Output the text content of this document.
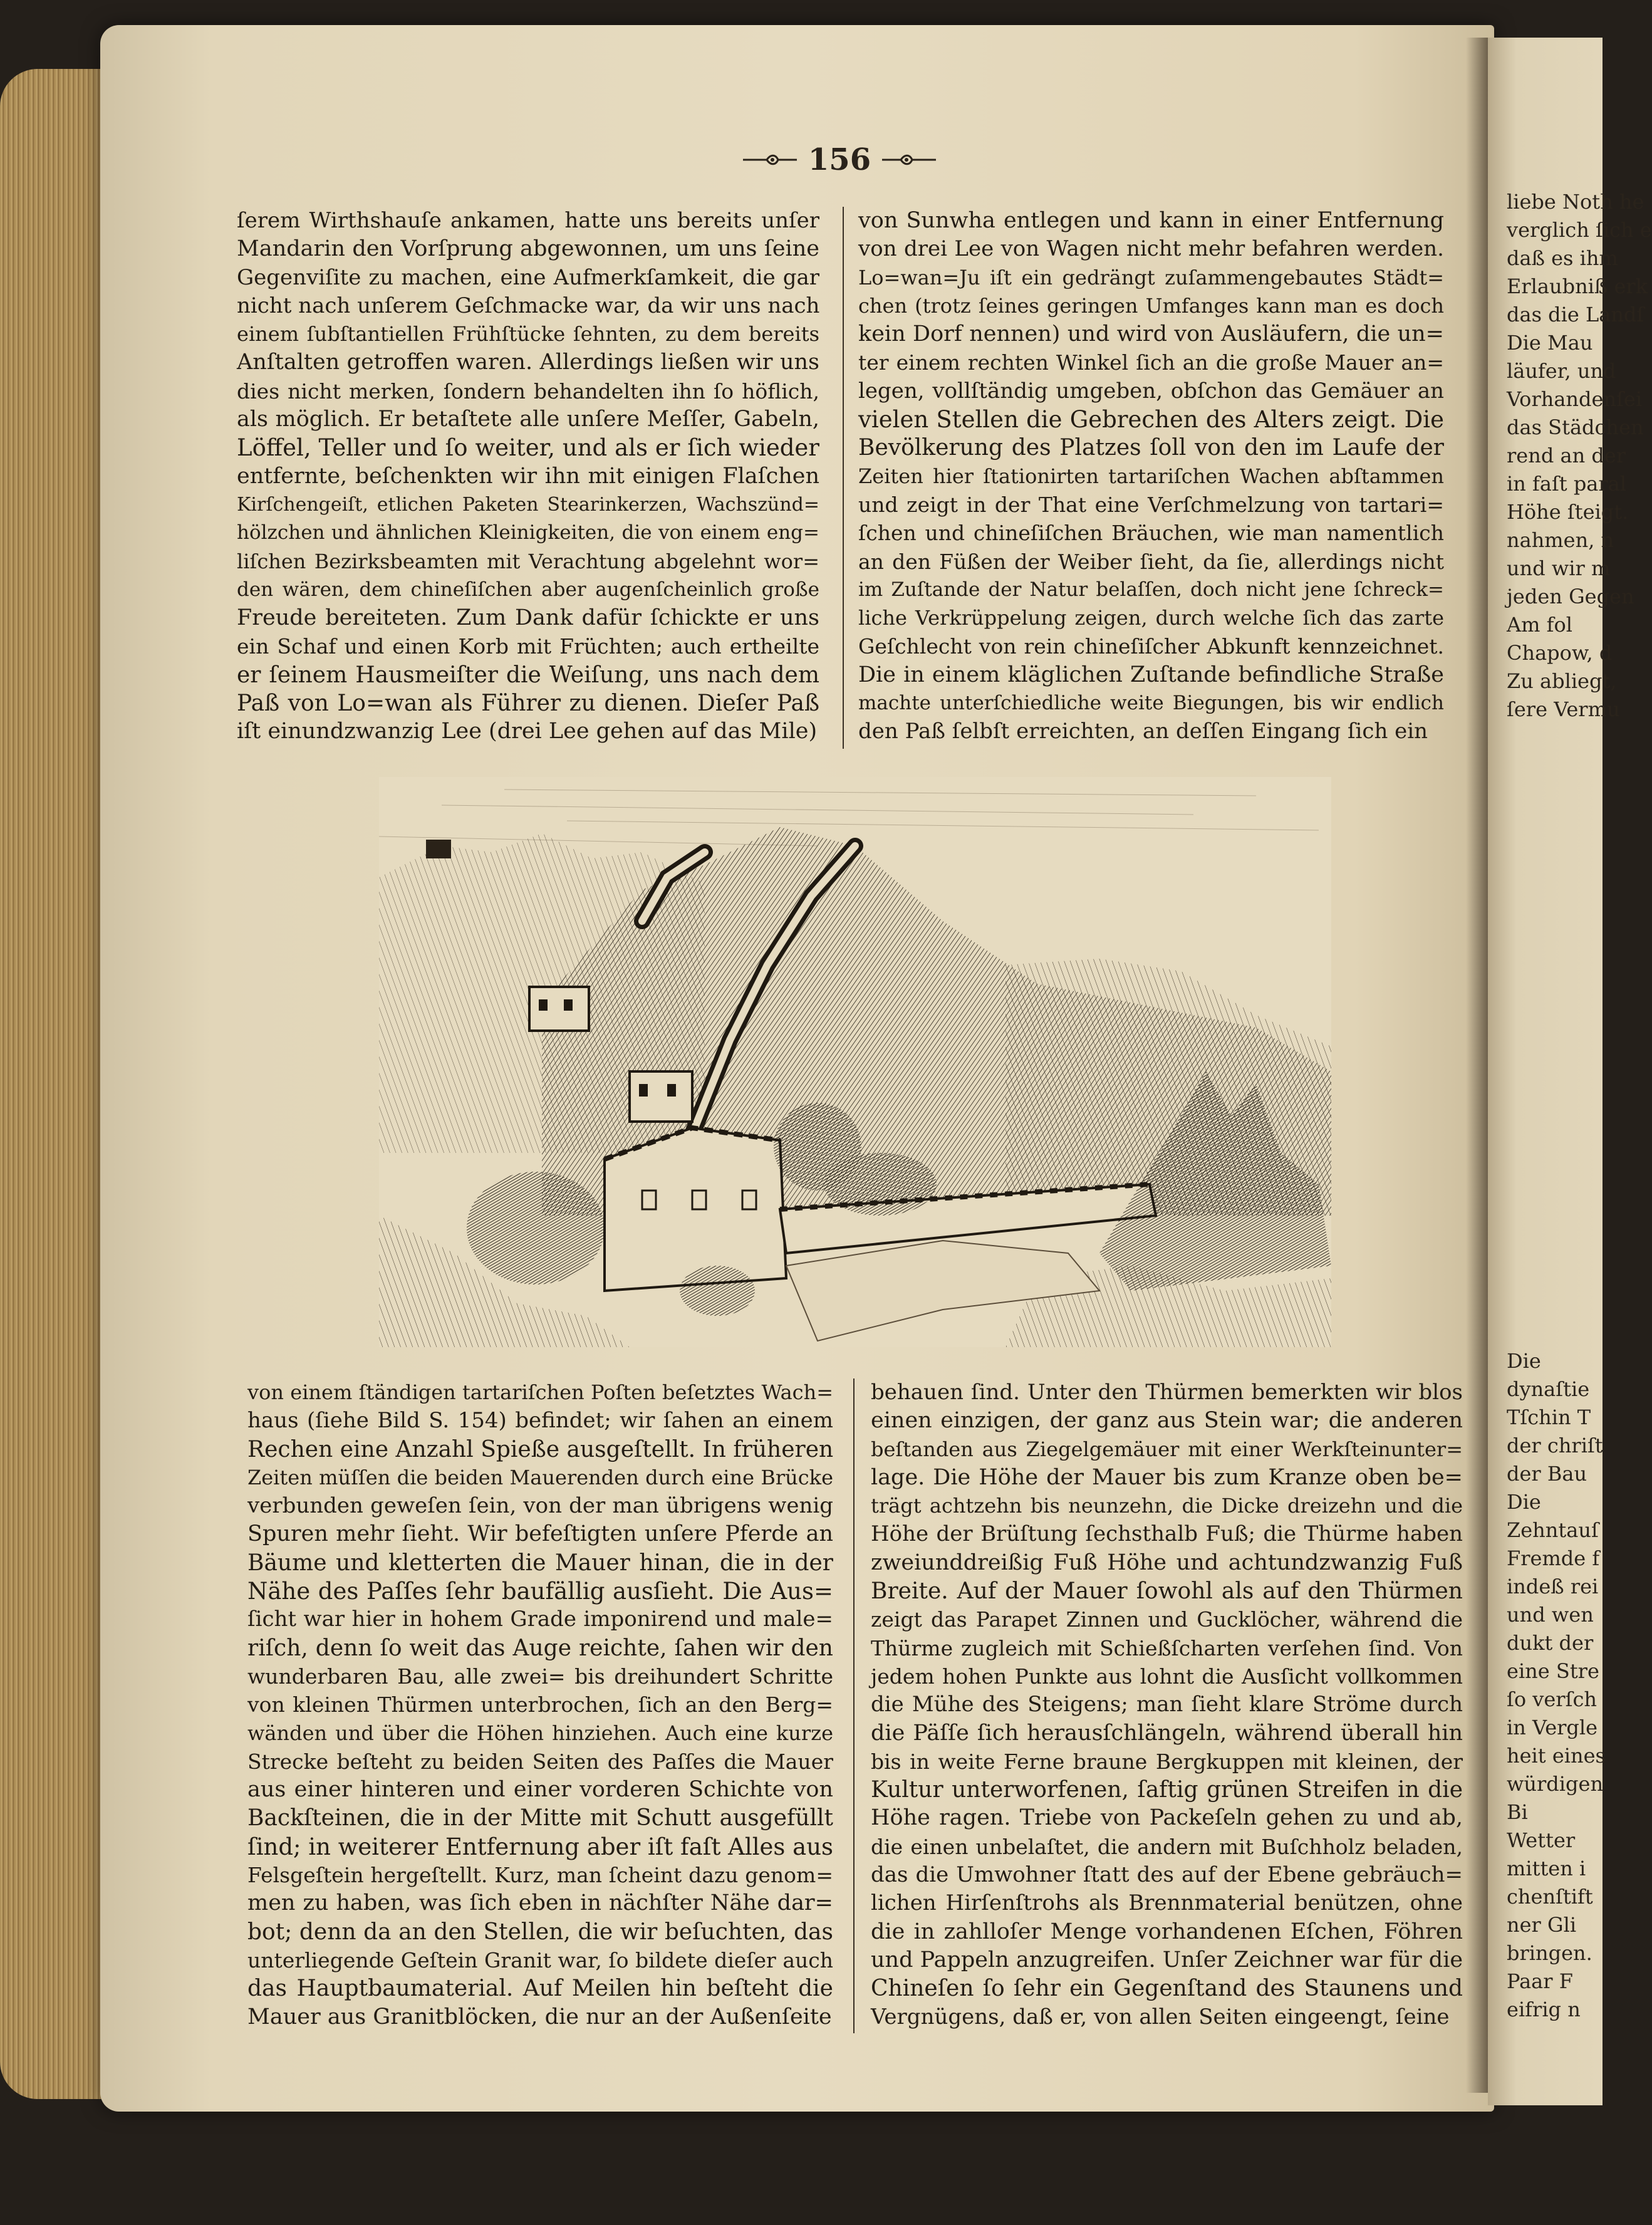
156
ſerem Wirthshauſe ankamen, hatte uns bereits unſer
Mandarin den Vorſprung abgewonnen, um uns ſeine
Gegenviſite zu machen, eine Aufmerkſamkeit, die gar
nicht nach unſerem Geſchmacke war, da wir uns nach
einem ſubſtantiellen Frühſtücke ſehnten, zu dem bereits
Anſtalten getroffen waren. Allerdings ließen wir uns
dies nicht merken, ſondern behandelten ihn ſo höflich,
als möglich. Er betaſtete alle unſere Meſſer, Gabeln,
Löffel, Teller und ſo weiter, und als er ſich wieder
entfernte, beſchenkten wir ihn mit einigen Flaſchen
Kirſchengeiſt, etlichen Paketen Stearinkerzen, Wachszünd=
hölzchen und ähnlichen Kleinigkeiten, die von einem eng=
liſchen Bezirksbeamten mit Verachtung abgelehnt wor=
den wären, dem chineſiſchen aber augenſcheinlich große
Freude bereiteten. Zum Dank dafür ſchickte er uns
ein Schaf und einen Korb mit Früchten; auch ertheilte
er ſeinem Hausmeiſter die Weiſung, uns nach dem
Paß von Lo=wan als Führer zu dienen. Dieſer Paß
iſt einundzwanzig Lee (drei Lee gehen auf das Mile)
von Sunwha entlegen und kann in einer Entfernung
von drei Lee von Wagen nicht mehr befahren werden.
Lo=wan=Ju iſt ein gedrängt zuſammengebautes Städt=
chen (trotz ſeines geringen Umfanges kann man es doch
kein Dorf nennen) und wird von Ausläufern, die un=
ter einem rechten Winkel ſich an die große Mauer an=
legen, vollſtändig umgeben, obſchon das Gemäuer an
vielen Stellen die Gebrechen des Alters zeigt. Die
Bevölkerung des Platzes ſoll von den im Laufe der
Zeiten hier ſtationirten tartariſchen Wachen abſtammen
und zeigt in der That eine Verſchmelzung von tartari=
ſchen und chineſiſchen Bräuchen, wie man namentlich
an den Füßen der Weiber ſieht, da ſie, allerdings nicht
im Zuſtande der Natur belaſſen, doch nicht jene ſchreck=
liche Verkrüppelung zeigen, durch welche ſich das zarte
Geſchlecht von rein chineſiſcher Abkunft kennzeichnet.
Die in einem kläglichen Zuſtande befindliche Straße
machte unterſchiedliche weite Biegungen, bis wir endlich
den Paß ſelbſt erreichten, an deſſen Eingang ſich ein
von einem ſtändigen tartariſchen Poſten beſetztes Wach=
haus (ſiehe Bild S. 154) befindet; wir ſahen an einem
Rechen eine Anzahl Spieße ausgeſtellt. In früheren
Zeiten müſſen die beiden Mauerenden durch eine Brücke
verbunden geweſen ſein, von der man übrigens wenig
Spuren mehr ſieht. Wir befeſtigten unſere Pferde an
Bäume und kletterten die Mauer hinan, die in der
Nähe des Paſſes ſehr baufällig ausſieht. Die Aus=
ſicht war hier in hohem Grade imponirend und male=
riſch, denn ſo weit das Auge reichte, ſahen wir den
wunderbaren Bau, alle zwei= bis dreihundert Schritte
von kleinen Thürmen unterbrochen, ſich an den Berg=
wänden und über die Höhen hinziehen. Auch eine kurze
Strecke beſteht zu beiden Seiten des Paſſes die Mauer
aus einer hinteren und einer vorderen Schichte von
Backſteinen, die in der Mitte mit Schutt ausgefüllt
ſind; in weiterer Entfernung aber iſt faſt Alles aus
Felsgeſtein hergeſtellt. Kurz, man ſcheint dazu genom=
men zu haben, was ſich eben in nächſter Nähe dar=
bot; denn da an den Stellen, die wir beſuchten, das
unterliegende Geſtein Granit war, ſo bildete dieſer auch
das Hauptbaumaterial. Auf Meilen hin beſteht die
Mauer aus Granitblöcken, die nur an der Außenſeite
behauen ſind. Unter den Thürmen bemerkten wir blos
einen einzigen, der ganz aus Stein war; die anderen
beſtanden aus Ziegelgemäuer mit einer Werkſteinunter=
lage. Die Höhe der Mauer bis zum Kranze oben be=
trägt achtzehn bis neunzehn, die Dicke dreizehn und die
Höhe der Brüſtung ſechsthalb Fuß; die Thürme haben
zweiunddreißig Fuß Höhe und achtundzwanzig Fuß
Breite. Auf der Mauer ſowohl als auf den Thürmen
zeigt das Parapet Zinnen und Gucklöcher, während die
Thürme zugleich mit Schießſcharten verſehen ſind. Von
jedem hohen Punkte aus lohnt die Ausſicht vollkommen
die Mühe des Steigens; man ſieht klare Ströme durch
die Päſſe ſich herausſchlängeln, während überall hin
bis in weite Ferne braune Bergkuppen mit kleinen, der
Kultur unterworfenen, ſaftig grünen Streifen in die
Höhe ragen. Triebe von Packeſeln gehen zu und ab,
die einen unbelaſtet, die andern mit Buſchholz beladen,
das die Umwohner ſtatt des auf der Ebene gebräuch=
lichen Hirſenſtrohs als Brennmaterial benützen, ohne
die in zahlloſer Menge vorhandenen Eſchen, Föhren
und Pappeln anzugreifen. Unſer Zeichner war für die
Chineſen ſo ſehr ein Gegenſtand des Staunens und
Vergnügens, daß er, von allen Seiten eingeengt, ſeine
liebe Noth he
verglich ſich e
daß es ihm
Erlaubniß erk
das die Landſ
Die Mau
läufer, und
Vorhandenſei
das Städchen
rend an der
in faſt paral
Höhe ſteigt.
nahmen, n
und wir m
jeden Gegen
Am fol
Chapow, d
Zu abliegt,
ſere Vermu
Die
dynaſtie
Tſchin T
der chriſt
der Bau
Die
Zehntauſ
Fremde f
indeß rei
und wen
dukt der
eine Stre
ſo verſch
in Vergle
heit eines
würdigen
Bi
Wetter
mitten i
chenſtift
ner Gli
bringen.
Paar F
eifrig n
